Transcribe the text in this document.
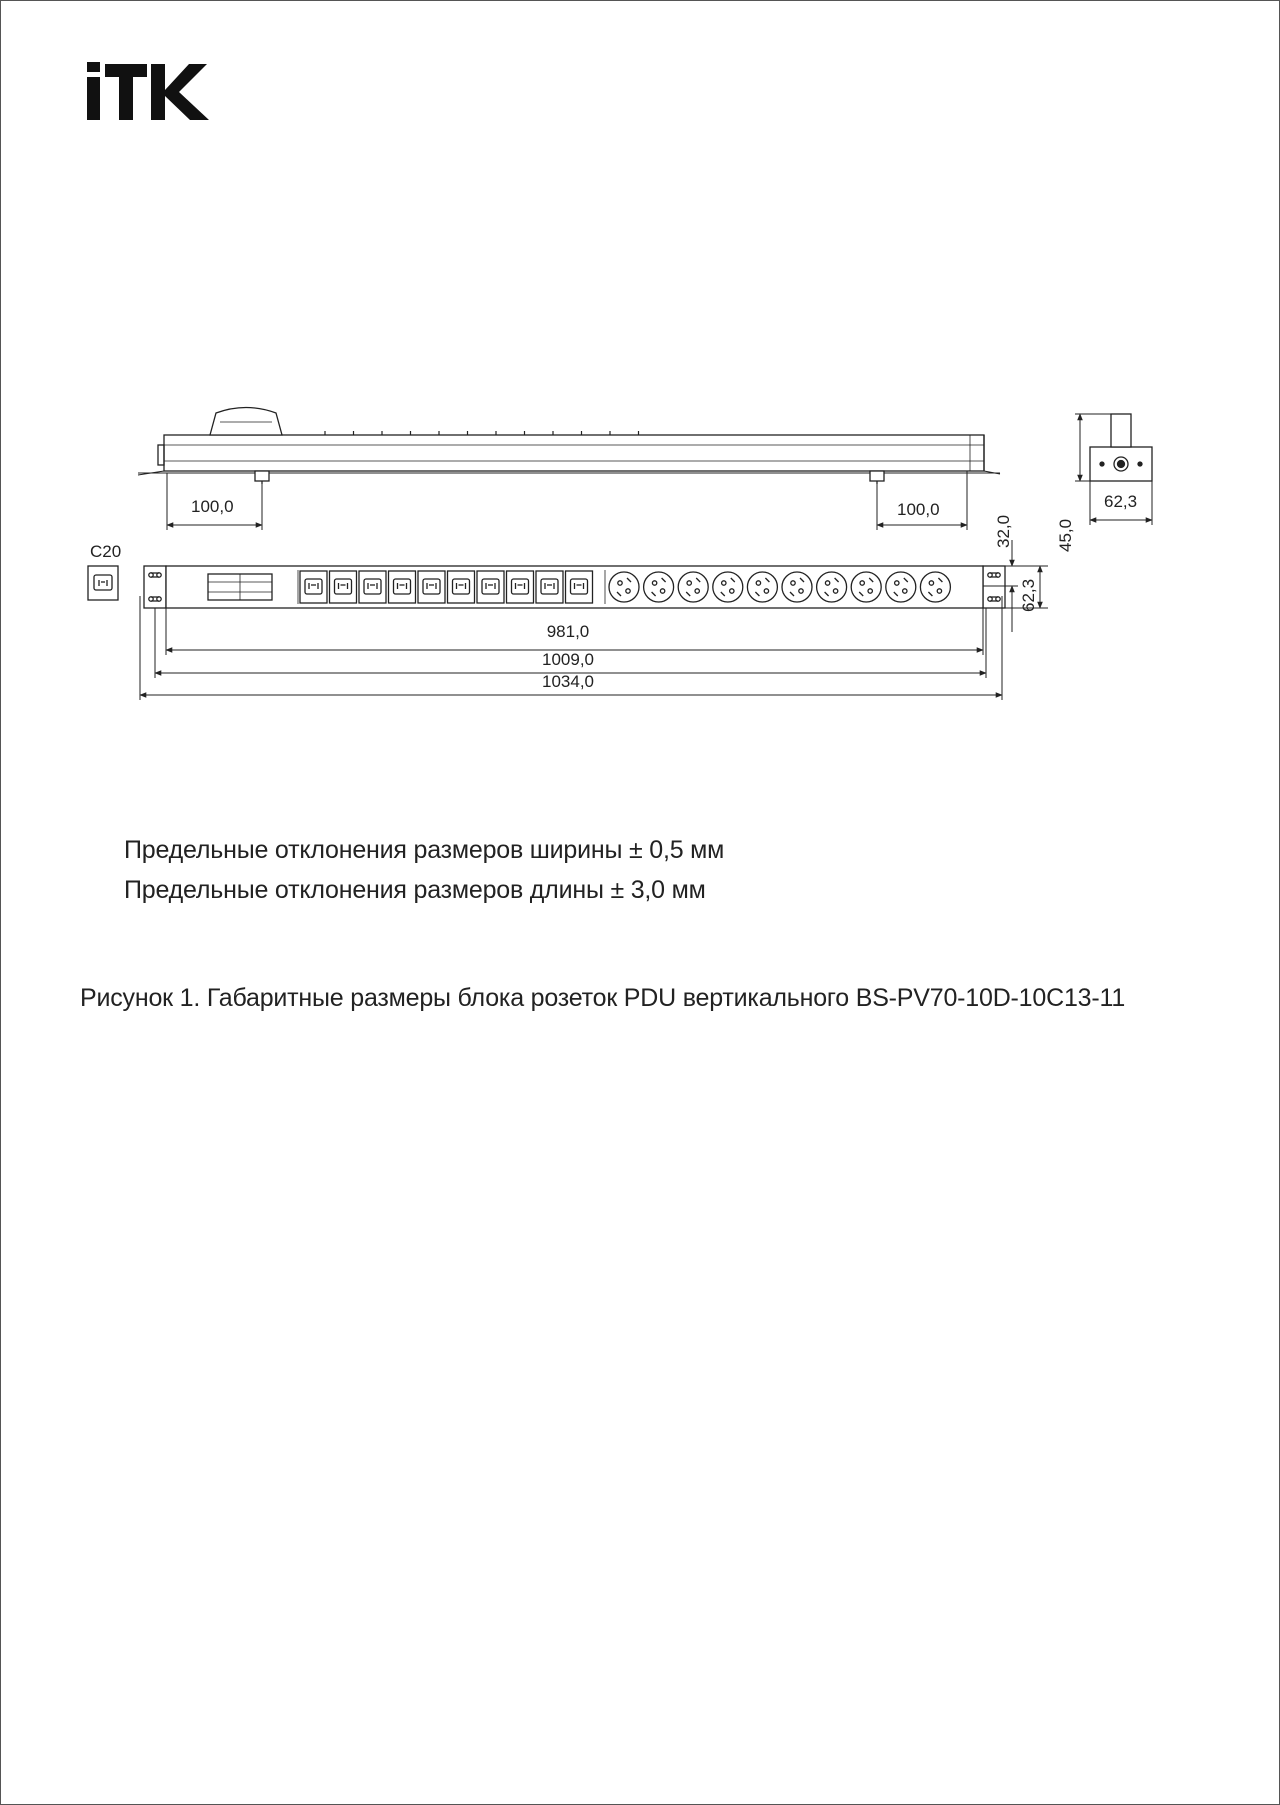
100,0	100,0
45,0
62,3
C20
32,0
62,3
981,0
1009,0
1034,0
Предельные отклонения размеров ширины ± 0,5 мм
Предельные отклонения размеров длины ± 3,0 мм
Рисунок 1. Габаритные размеры блока розеток PDU вертикального BS-PV70-10D-10C13-11
